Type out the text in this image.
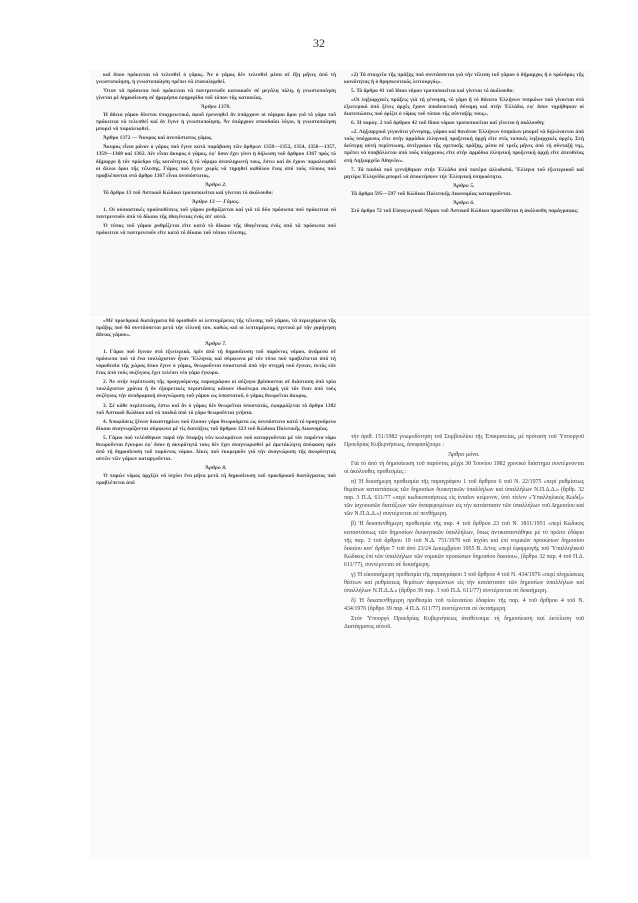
32

καί ὅπου πρόκειται νά τελεσθεί ὁ γάμος. Ἄν ὁ γάμος δέν τελεσθεί μέσα σέ ἕξη μῆνες ἀπό τή γνωστοποίηση, ἡ γνωστοποίηση πρέπει νά ἐπαναληφθεί.

Ὅταν τά πρόσωπα πού πρόκειται νά παντρευτοῦν κατοικοῦν σέ μεγάλη πόλη, ἡ γνωστοποίηση γίνεται μέ δημοσίευση σέ ἡμερήσια ἐφημερίδα τοῦ τόπου τῆς κατοικίας.

Ἄρθρο 1370.

Ἡ ἄδεια γάμου δίνεται ὑποχρεωτικά, ἀφοῦ ἐρευνηθεί ἄν ὑπάρχουν οἱ νόμιμοι ὅροι γιά τό γάμο τοῦ πρόκειται νά τελεσθεί καί ἄν ἔγινε ἡ γνωστοποίηση. Ἄν ὑπάρχουν σπουδαίοι λόγοι, ἡ γνωστοποίηση μπορεί νά παραλειφθεί.

Ἄρθρο 1372 — Ἄκυρος καί ἀνυπόστατος γάμος.

Ἄκυρος εἶναι μόνον ὁ γάμος πού ἔγινε κατά παράβαση τῶν ἄρθρων 1350—1352, 1354, 1356—1357, 1359—1360 καί 1362. Δέν εἶναι ἄκυρος ὁ γάμος, ἐφ' ὅσον ἔχει γίνει ἡ δήλωση τοῦ ἄρθρου 1367 πρός τό δήμαρχο ἤ τόν πρόεδρο τῆς κοινότητας ἤ τό νόμιμο ἀναπληρωτή τους, ἔστω καί ἄν ἔχουν παραλειφθεί οἱ ἄλλοι ὅροι τῆς τέλεσης. Γάμος πού ἔγινε χωρίς νά τηρηθεί καθόλου ἕνας ἀπό τούς τύπους πού προβλέπονται στό ἄρθρο 1367 εἶναι ἀνυπόστατος.

Ἄρθρο 2.

Τό ἄρθρο 13 τοῦ Ἀστικοῦ Κώδικα τροποποιείται καί γίνεται τό ἀκόλουθο:

Ἄρθρο 13 — Γάμος.

1. Οἱ οὐσιαστικές προϋποθέσεις τοῦ γάμου ρυθμίζονται καί γιά τά δύο πρόσωπα πού πρόκειται νά παντρευτοῦν ἀπό τό δίκαιο τῆς ἰθαγένειας ἑνός ἀπ' αὐτά.

Ὁ τύπος τοῦ γάμου ρυθμίζεται εἴτε κατά τό δίκαιο τῆς ἰθαγένειας ἑνός ἀπό τά πρόσωπα πού πρόκειται νά παντρευτοῦν εἴτε κατά τό δίκαιο τοῦ τόπου τέλεσης.

«2) Τά στοιχεῖα τῆς πράξης πού συντάσσεται γιά τήν τέλεση τοῦ γάμου ὁ δήμαρχος ἤ ὁ πρόεδρος τῆς κοινότητας ἤ ὁ θρησκευτικός λειτουργός».

5. Τό ἄρθρο 41 τοῦ ἴδιου νόμου τροποποιείται καί γίνεται τό ἀκόλουθο:

«Οἱ ληξιαρχικές πράξεις γιά τή γέννηση, τό γάμο ἤ τό θάνατο Ἑλλήνων ὑπηκόων πού γίνονται στό ἐξωτερικό ἀπό ξένες ἀρχές ἔχουν ἀποδεικτική δύναμη καί στήν Ἑλλάδα, ἐφ' ὅσον τηρήθηκαν οἱ διατυπώσεις πού ὁρίζει ὁ νόμος τοῦ τόπου τῆς σύνταξής τους».

6. Ἡ παραγ. 2 τοῦ ἄρθρου 42 τοῦ ἴδιου νόμου τροποποιείται καί γίνεται ἡ ἀκόλουθη:

«2. Ληξιαρχικά γεγονότα γέννησης, γάμου καί θανάτου Ἑλλήνων ὑπηκόων μπορεῖ νά δηλώνονται ἀπό τούς ὑπόχρεους εἴτε στήν ἁρμόδια ἑλληνική προξενική ἀρχή εἴτε στίς τοπικές ληξιαρχικές ἀρχές. Στή δεύτερη αὐτή περίπτωση, ἀντίγραφο τῆς σχετικῆς πράξης, μέσα σέ τρεῖς μῆνες ἀπό τή σύνταξή της, πρέπει νά ὑποβάλλεται ἀπό τούς ὑπόχρεους εἴτε στήν ἁρμόδια ἑλληνική προξενική ἀρχή εἴτε ἀπευθείας στή Ληξιαρχεῖο Ἀθηνῶν».

7. Τά παιδιά πού γεννήθηκαν στήν Ἑλλάδα ἀπό πατέρα ἀλλοδαπό, Ἕλληνα τοῦ ἐξωτερικοῦ καί μητέρα Ἑλληνίδα μπορεῖ νά ἀποκτήσουν τήν Ἑλληνική ὑπηκοότητα.

Ἄρθρο 5.

Τά ἄρθρα 595—597 τοῦ Κώδικα Πολιτικῆς Δικονομίας καταργοῦνται.

Ἄρθρο 6.

Στό ἄρθρο 72 τοῦ Εἰσαγωγικοῦ Νόμου τοῦ Ἀστικοῦ Κώδικα προστίθεται ἡ ἀκόλουθη παράγραφος:

«Μέ προεδρικά διατάγματα θά ὁρισθοῦν οἱ λεπτομέρειες τῆς τέλεσης τοῦ γάμου, τά περιεχόμενα τῆς πράξης πού θά συντάσσεται μετά τήν τέλεσή του, καθώς καί οἱ λεπτομέρειες σχετικά μέ τήν χορήγηση ἄδειας γάμου».

Ἄρθρο 7.

1. Γάμοι πού ἔγιναν στό ἐξωτερικό, πρίν ἀπό τή δημοσίευση τοῦ παρόντος νόμου, ἀνάμεσα σέ πρόσωπα πού τό ἕνα τουλάχιστον ἦταν Ἕλληνας καί σύμφωνα μέ τόν τύπο πού προβλέπεται ἀπό τή νομοθεσία τῆς χώρας ὅπου ἔγινε ὁ γάμος, θεωροῦνται ὑποστατοί ἀπό τήν στιγμή πού ἔγιναν, ἐκτός ἐάν ἕνας ἀπό τούς συζύγους ἔχει τελέσει νέο γάμο ἔγκυρα.

2. Ἄν στήν περίπτωση τῆς προηγούμενης παραγράφου οἱ σύζυγοι βρίσκονται σέ διάσταση ἀπό τρία τουλάχιστον χρόνια ἤ ἄν ἐξαιρετικές περιστάσεις κάνουν ἰδιαίτερα σκληρή γιά τόν ἕναν ἀπό τούς συζύγους τήν ἀναδρομική ἀναγνώριση τοῦ γάμου ὡς ὑποστατοῦ, ὁ γάμος θεωρεῖται ἄκυρος.

3. Σέ κάθε περίπτωση, ἔστω καί ἄν ὁ γάμος δέν θεωρεῖται ὑποστατός, ἐφαρμόζεται τό ἄρθρο 1382 τοῦ Ἀστικοῦ Κώδικα καί τά παιδιά ἀπό τό γάμο θεωροῦνται γνήσια.

4. Ἀποφάσεις ξένων δικαστηρίων πού ἔλυσαν γάμο θεωρούμενο ὡς ἀνυπόστατο κατά τό προηγούμενο δίκαιο ἀναγνωρίζονται σύμφωνα μέ τίς διατάξεις τοῦ ἄρθρου 323 τοῦ Κώδικα Πολιτικῆς Δικονομίας.

5. Γάμοι πού τελέσθηκαν παρά τήν ὕπαρξη τῶν κωλυμάτων πού καταργοῦνται μέ τόν παρόντα νόμο θεωροῦνται ἔγκυροι ἐφ' ὅσον ἡ ἀκυρότητά τους δέν ἔχει ἀναγνωρισθεί μέ ἀμετάκλητη ἀπόφαση πρίν ἀπό τή δημοσίευση τοῦ παρόντος νόμου. Δίκες πού ἐκκρεμοῦν γιά τήν ἀναγνώριση τῆς ἀκυρότητας αὐτῶν τῶν γάμων καταργοῦνται.

Ἄρθρο 8.

Ὁ παρών νόμος ἀρχίζει νά ἰσχύει ἕνα μῆνα μετά τή δημοσίευση τοῦ προεδρικοῦ διατάγματος πού προβλέπεται ἀπό

τήν ἀριθ. 151/1982 γνωμοδότηση τοῦ Συμβουλίου τῆς Ἐπικρατείας, μέ πρόταση τοῦ Ὑπουργοῦ Προεδρίας Κυβερνήσεως, ἀποφασίζουμε :

Ἄρθρο μόνο.

Γιά τό ἀπό τή δημοσίευση τοῦ παρόντος μέχρι 30 Ἰουνίου 1982 χρονικό διάστημα συντέμνονται οἱ ἀκόλουθες προθεσμίες :

α) Ἡ δεκαήμερη προθεσμία τῆς παραγράφου 1 τοῦ ἄρθρου 6 τοῦ Ν. 22/1975 «περί ρυθμίσεως θεμάτων καταστάσεως τῶν δημοσίων διοικητικῶν ὑπαλλήλων καί ὑπαλλήλων Ν.Π.Δ.Δ.» (ἄρθρ. 32 παρ. 3 Π.Δ. 611/77 «περί κωδικοποιήσεως εἰς ἑνιαῖον κείμενον, ὑπό τίτλον «Ὑπαλληλικός Κώδιξ» τῶν ἰσχυουσῶν διατάξεων τῶν ἀναφερομένων εἰς τήν κατάστασιν τῶν ὑπαλλήλων τοῦ Δημοσίου καί τῶν Ν.Π.Δ.Δ.») συντέμνεται σέ πενθήμερη.

β) Ἡ δεκαπενθήμερη προθεσμία τῆς παρ. 4 τοῦ ἄρθρου 23 τοῦ Ν. 1811/1951 «περί Κώδικος καταστάσεως τῶν δημοσίων διοικητικῶν ὑπαλλήλων, ὅπως ἀντικαταστάθηκε μέ τό πρῶτο ἐδάφιο τῆς παρ. 3 τοῦ ἄρθρου 19 τοῦ Ν.Δ. 751/1970 καί ἰσχύει καί ἐπί νομικῶν προσώπων δημοσίου δικαίου κατ' ἄρθρο 7 τοῦ ἀπό 23/24 Δεκεμβρίου 1955 Β. Δ/τος «περί ἐφαρμογῆς τοῦ Ὑπαλληλικοῦ Κώδικος ἐπί τῶν ὑπαλλήλων τῶν νομικῶν προσώπων δημοσίου δικαίου», (ἄρθρο 32 παρ. 4 τοῦ Π.Δ. 611/77), συντέμνεται σέ δεκαήμερη.

γ) Ἡ εἰκοσαήμερη προθεσμία τῆς παραγράφου 3 τοῦ ἄρθρου 4 τοῦ Ν. 434/1976 «περί πληρώσεως θέσεων καί ρυθμίσεως θεμάτων ἀφορώντων εἰς τήν κατάστασιν τῶν δημοσίων ὑπαλλήλων καί ὑπαλλήλων Ν.Π.Δ.Δ.» (ἄρθρο 39 παρ. 3 τοῦ Π.Δ. 611/77) συντέμνεται σέ δεκαήμερη.

δ) Ἡ δεκαπενθήμερη προθεσμία τοῦ τελευταίου ἐδαφίου τῆς παρ. 4 τοῦ ἄρθρου 4 τοῦ Ν. 434/1976 (ἄρθρο 39 παρ. 4 Π.Δ. 611/77) συντέμνεται σέ ὀκταήμερη.

Στόν Ὑπουργό Προεδρίας Κυβερνήσεως ἀναθέτουμε τή δημοσίευση καί ἐκτέλεση τοῦ Διατάγματος αὐτοῦ.
